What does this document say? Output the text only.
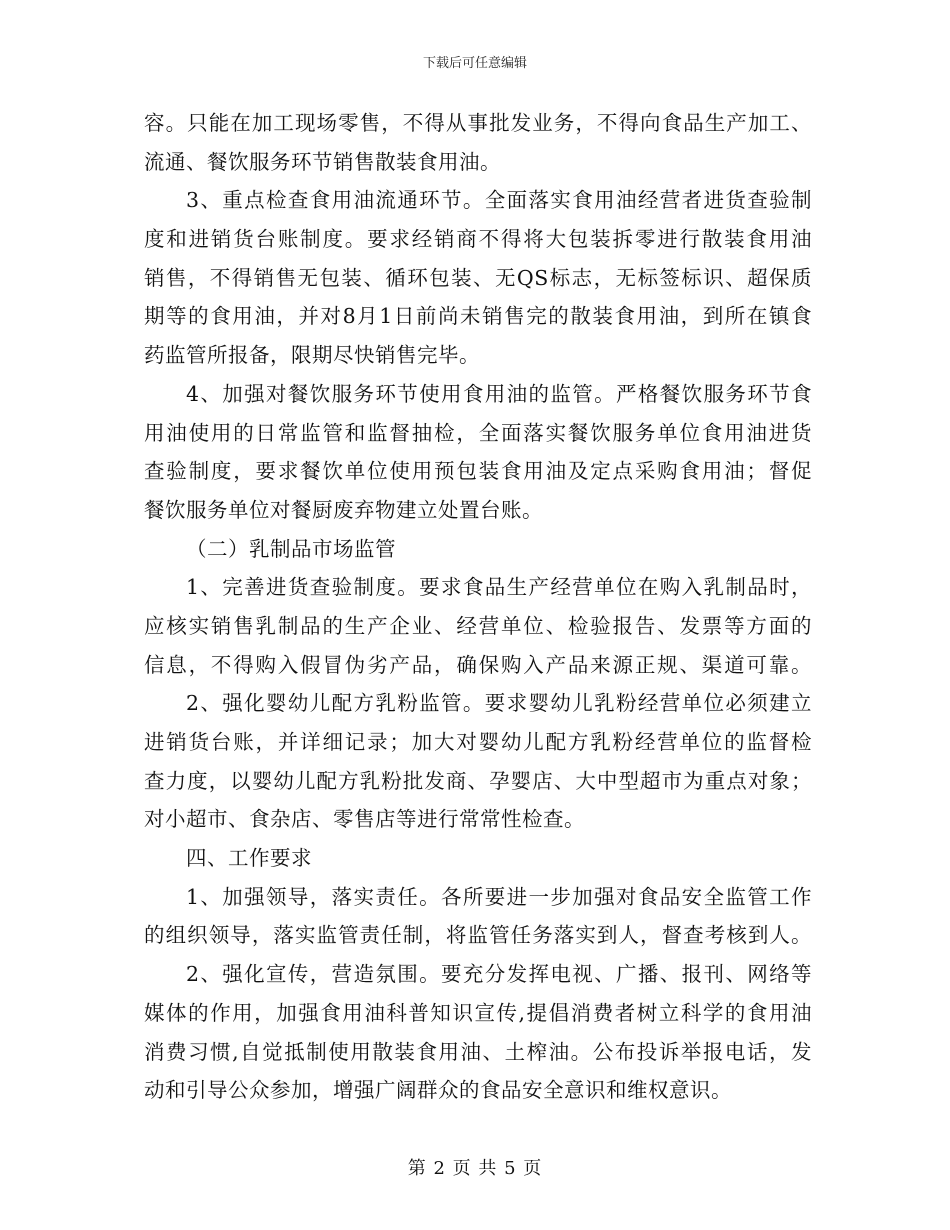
下载后可任意编辑
容。只能在加工现场零售，不得从事批发业务，不得向食品生产加工、
流通、餐饮服务环节销售散装食用油。
3、重点检查食用油流通环节。全面落实食用油经营者进货查验制
度和进销货台账制度。要求经销商不得将大包装拆零进行散装食用油
销售，不得销售无包装、循环包装、无QS标志，无标签标识、超保质
期等的食用油，并对8月1日前尚未销售完的散装食用油，到所在镇食
药监管所报备，限期尽快销售完毕。
4、加强对餐饮服务环节使用食用油的监管。严格餐饮服务环节食
用油使用的日常监管和监督抽检，全面落实餐饮服务单位食用油进货
查验制度，要求餐饮单位使用预包装食用油及定点采购食用油；督促
餐饮服务单位对餐厨废弃物建立处置台账。
（二）乳制品市场监管
1、完善进货查验制度。要求食品生产经营单位在购入乳制品时，
应核实销售乳制品的生产企业、经营单位、检验报告、发票等方面的
信息，不得购入假冒伪劣产品，确保购入产品来源正规、渠道可靠。
2、强化婴幼儿配方乳粉监管。要求婴幼儿乳粉经营单位必须建立
进销货台账，并详细记录；加大对婴幼儿配方乳粉经营单位的监督检
查力度，以婴幼儿配方乳粉批发商、孕婴店、大中型超市为重点对象；
对小超市、食杂店、零售店等进行常常性检查。
四、工作要求
1、加强领导，落实责任。各所要进一步加强对食品安全监管工作
的组织领导，落实监管责任制，将监管任务落实到人，督查考核到人。
2、强化宣传，营造氛围。要充分发挥电视、广播、报刊、网络等
媒体的作用，加强食用油科普知识宣传,提倡消费者树立科学的食用油
消费习惯,自觉抵制使用散装食用油、土榨油。公布投诉举报电话，发
动和引导公众参加，增强广阔群众的食品安全意识和维权意识。
第 2 页 共 5 页
